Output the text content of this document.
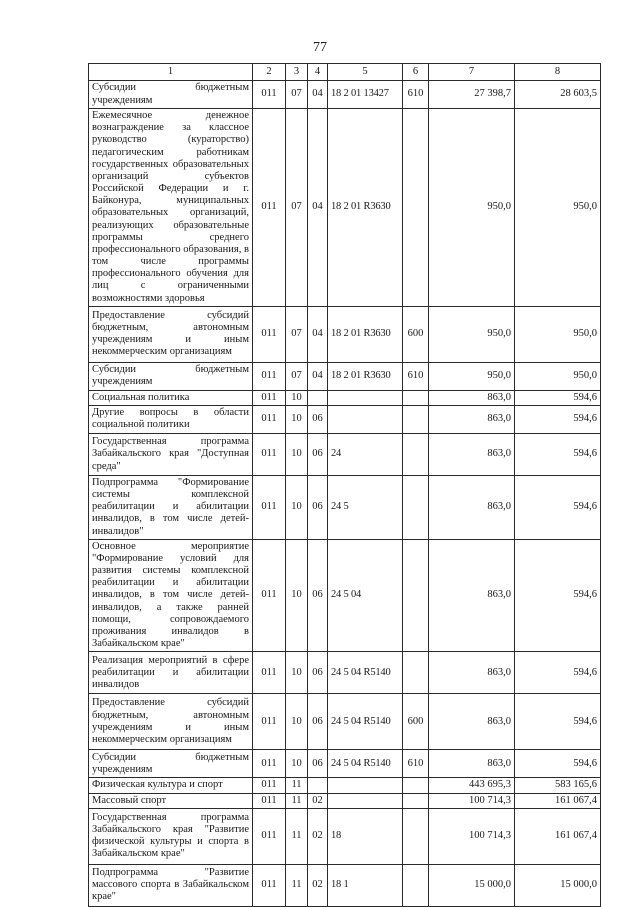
77
1	2	3	4	5	6	7	8
Субсидии бюджетным учреждениям	011	07	04	18 2 01 13427	610	27 398,7	28 603,5
Ежемесячное денежное вознаграждение за классное руководство (кураторство) педагогическим работникам государственных образовательных организаций субъектов Российской Федерации и г. Байконура, муниципальных образовательных организаций, реализующих образовательные программы среднего профессионального образования, в том числе программы профессионального обучения для лиц с ограниченными возможностями здоровья	011	07	04	18 2 01 R3630		950,0	950,0
Предоставление субсидий бюджетным, автономным учреждениям и иным некоммерческим организациям	011	07	04	18 2 01 R3630	600	950,0	950,0
Субсидии бюджетным учреждениям	011	07	04	18 2 01 R3630	610	950,0	950,0
Социальная политика	011	10				863,0	594,6
Другие вопросы в области социальной политики	011	10	06			863,0	594,6
Государственная программа Забайкальского края "Доступная среда"	011	10	06	24		863,0	594,6
Подпрограмма "Формирование системы комплексной реабилитации и абилитации инвалидов, в том числе детей-инвалидов"	011	10	06	24 5		863,0	594,6
Основное мероприятие "Формирование условий для развития системы комплексной реабилитации и абилитации инвалидов, в том числе детей-инвалидов, а также ранней помощи, сопровождаемого проживания инвалидов в Забайкальском крае"	011	10	06	24 5 04		863,0	594,6
Реализация мероприятий в сфере реабилитации и абилитации инвалидов	011	10	06	24 5 04 R5140		863,0	594,6
Предоставление субсидий бюджетным, автономным учреждениям и иным некоммерческим организациям	011	10	06	24 5 04 R5140	600	863,0	594,6
Субсидии бюджетным учреждениям	011	10	06	24 5 04 R5140	610	863,0	594,6
Физическая культура и спорт	011	11				443 695,3	583 165,6
Массовый спорт	011	11	02			100 714,3	161 067,4
Государственная программа Забайкальского края "Развитие физической культуры и спорта в Забайкальском крае"	011	11	02	18		100 714,3	161 067,4
Подпрограмма "Развитие массового спорта в Забайкальском крае"	011	11	02	18 1		15 000,0	15 000,0
